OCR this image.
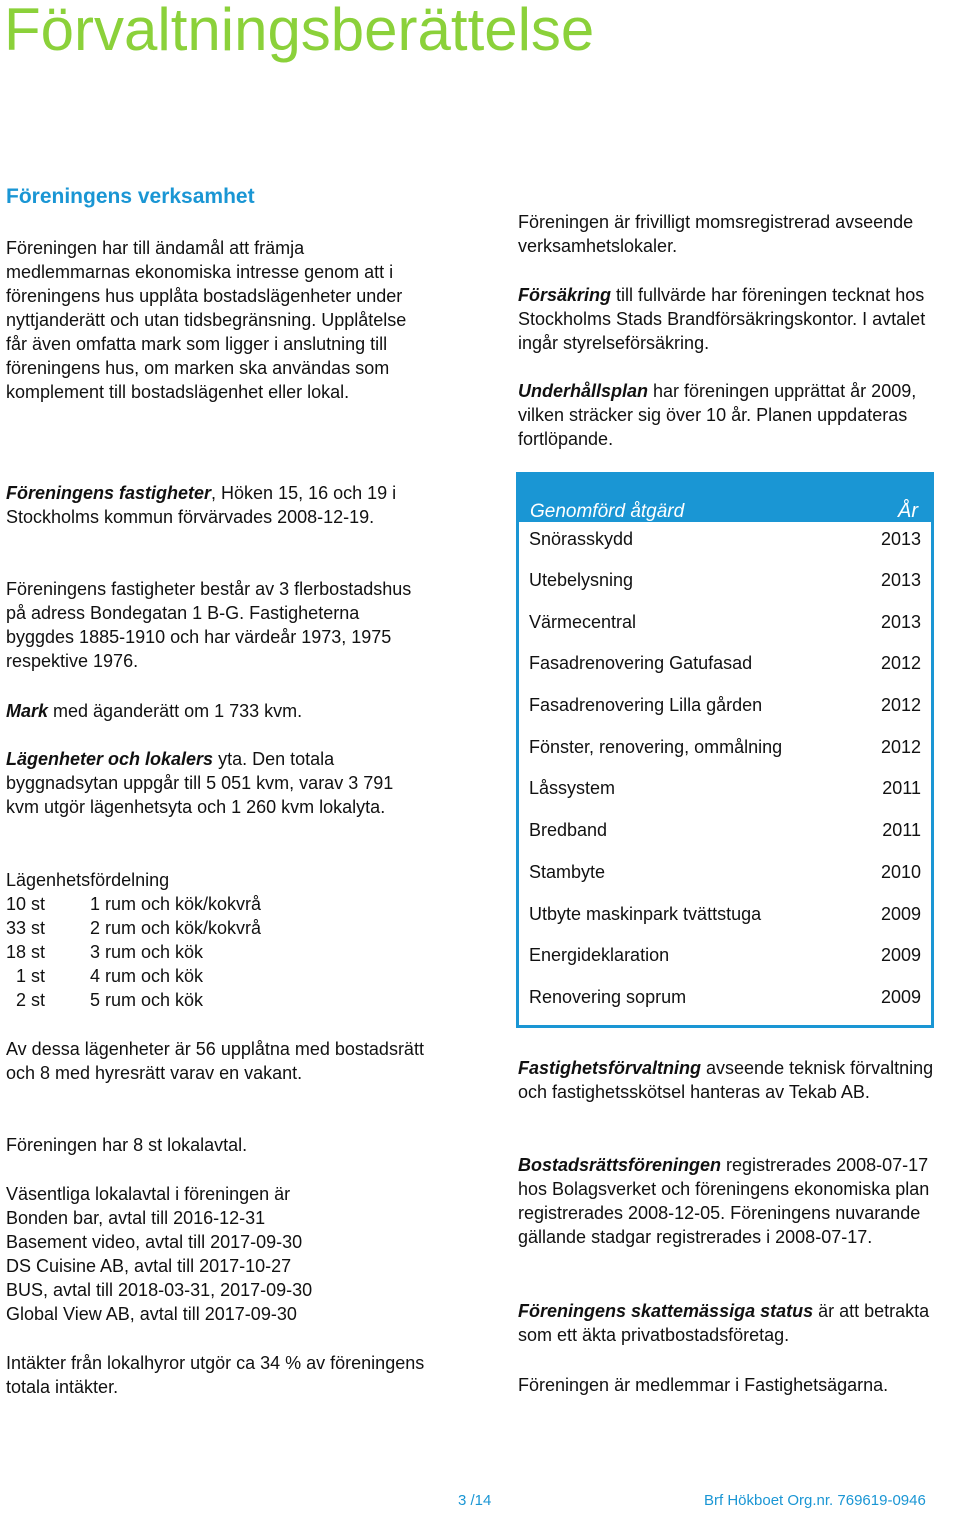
Förvaltningsberättelse
Föreningens verksamhet

Föreningen har till ändamål att främja medlemmarnas ekonomiska intresse genom att i föreningens hus upplåta bostadslägenheter under nyttjanderätt och utan tidsbegränsning. Upplåtelse får även omfatta mark som ligger i anslutning till föreningens hus, om marken ska användas som komplement till bostadslägenhet eller lokal.

Föreningens fastigheter, Höken 15, 16 och 19 i Stockholms kommun förvärvades 2008-12-19.

Föreningens fastigheter består av 3 flerbostadshus på adress Bondegatan 1 B-G. Fastigheterna byggdes 1885-1910 och har värdeår 1973, 1975 respektive 1976.

Mark med äganderätt om 1 733 kvm.

Lägenheter och lokalers yta. Den totala byggnadsytan uppgår till 5 051 kvm, varav 3 791 kvm utgör lägenhetsyta och 1 260 kvm lokalyta.

Lägenhetsfördelning

10 st	1 rum och kök/kokvrå
33 st	2 rum och kök/kokvrå
18 st	3 rum och kök
1 st	4 rum och kök
2 st	5 rum och kök

Av dessa lägenheter är 56 upplåtna med bostadsrätt och 8 med hyresrätt varav en vakant.

Föreningen har 8 st lokalavtal.

Väsentliga lokalavtal i föreningen är

Bonden bar, avtal till 2016-12-31

Basement video, avtal till 2017-09-30

DS Cuisine AB, avtal till 2017-10-27

BUS, avtal till 2018-03-31, 2017-09-30

Global View AB, avtal till 2017-09-30

Intäkter från lokalhyror utgör ca 34 % av föreningens totala intäkter.

Föreningen är frivilligt momsregistrerad avseende verksamhetslokaler.

Försäkring till fullvärde har föreningen tecknat hos Stockholms Stads Brandförsäkringskontor. I avtalet ingår styrelseförsäkring.

Underhållsplan har föreningen upprättat år 2009, vilken sträcker sig över 10 år. Planen uppdateras fortlöpande.

Genomförd åtgärd	År
Snörasskydd	2013
Utebelysning	2013
Värmecentral	2013
Fasadrenovering Gatufasad	2012
Fasadrenovering Lilla gården	2012
Fönster, renovering, ommålning	2012
Låssystem	2011
Bredband	2011
Stambyte	2010
Utbyte maskinpark tvättstuga	2009
Energideklaration	2009
Renovering soprum	2009

Fastighetsförvaltning avseende teknisk förvaltning och fastighetsskötsel hanteras av Tekab AB.

Bostadsrättsföreningen registrerades 2008-07-17 hos Bolagsverket och föreningens ekonomiska plan registrerades 2008-12-05. Föreningens nuvarande gällande stadgar registrerades i 2008-07-17.

Föreningens skattemässiga status är att betrakta som ett äkta privatbostadsföretag.

Föreningen är medlemmar i Fastighetsägarna.

3 /14	Brf Hökboet Org.nr. 769619-0946
